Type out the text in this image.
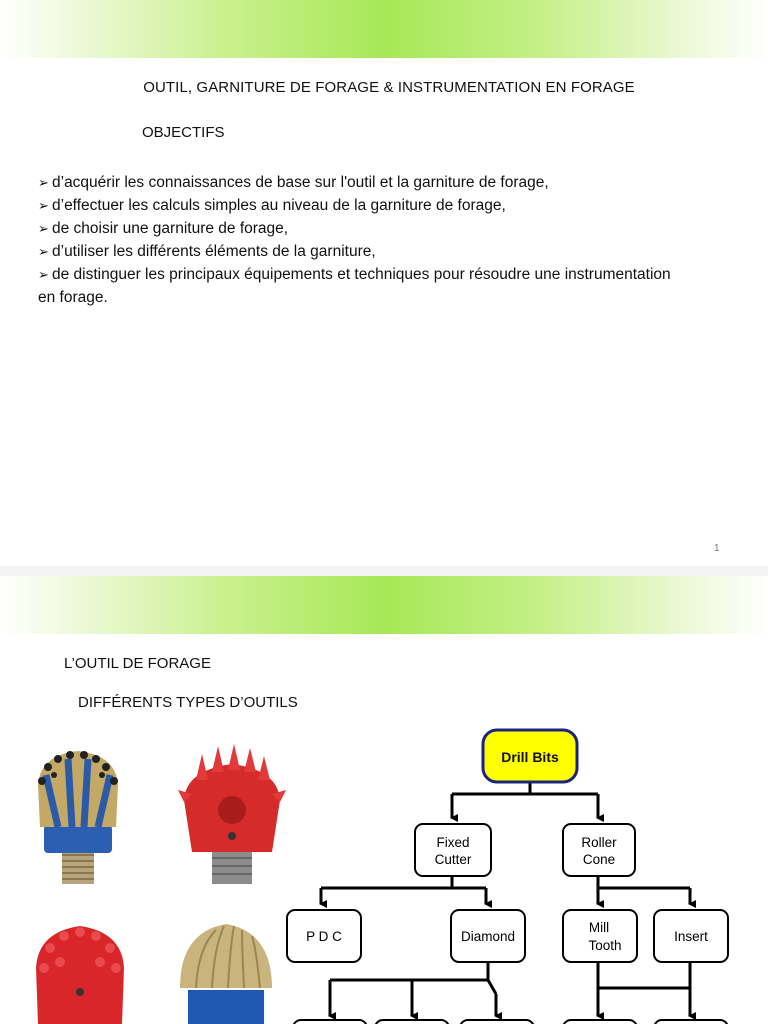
OUTIL, GARNITURE DE FORAGE & INSTRUMENTATION EN FORAGE
OBJECTIFS
➢ d’acquérir les connaissances de base sur l'outil et la garniture de forage,
➢ d’effectuer les calculs simples au niveau de la garniture de forage,
➢ de choisir une garniture de forage,
➢ d’utiliser les différents éléments de la garniture,
➢ de distinguer les principaux équipements et techniques pour résoudre une instrumentation
en forage.
1
L’OUTIL DE FORAGE
DIFFÉRENTS TYPES D’OUTILS
Drill Bits
Fixed
Cutter
Roller
Cone
P D C	Diamond
Mill
Tooth
Insert
